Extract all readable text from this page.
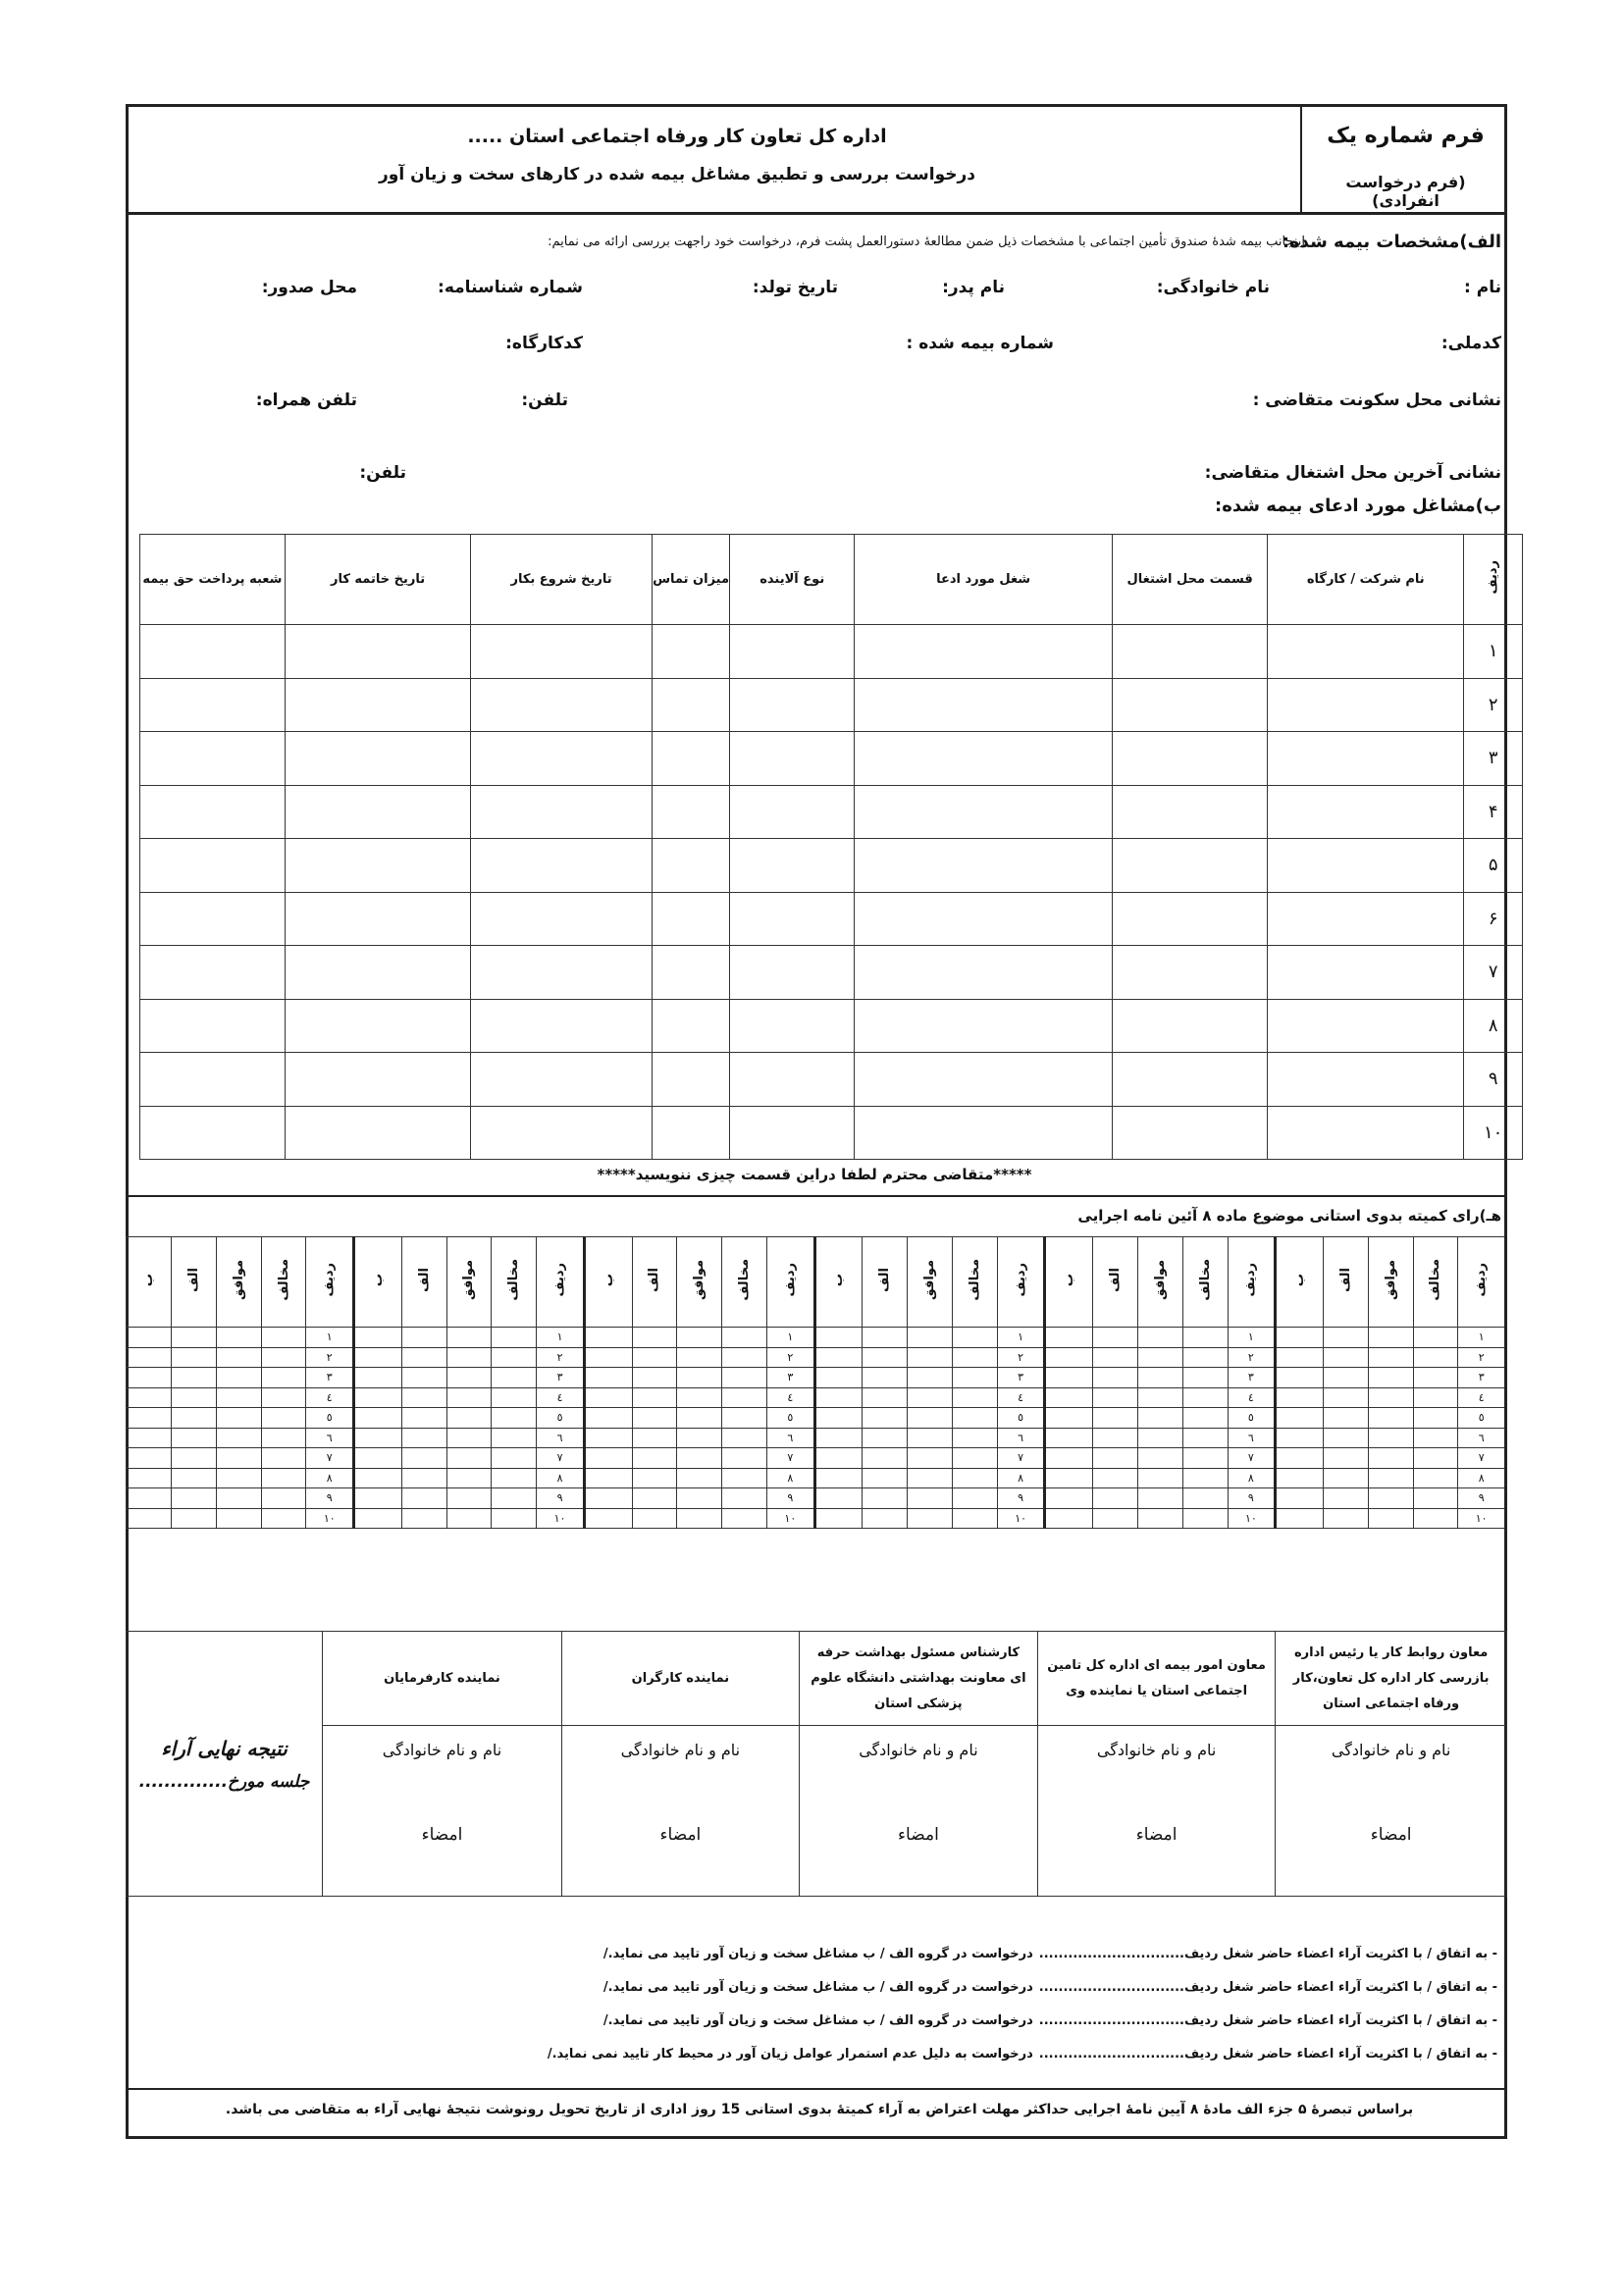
فرم شماره یک
(فرم درخواست انفرادی)
اداره کل تعاون کار ورفاه اجتماعی استان .....
درخواست بررسی و تطبیق مشاغل بیمه شده در کارهای سخت و زیان آور
الف)مشخصات بیمه شده:
اینجانب بیمه شدهٔ صندوق تأمین اجتماعی با مشخصات ذیل ضمن مطالعهٔ دستورالعمل پشت فرم، درخواست خود راجهت بررسی ارائه می نمایم:
نام :
نام خانوادگی:
نام پدر:
تاریخ تولد:
شماره شناسنامه:
محل صدور:
کدملی:
شماره بیمه شده :
کدکارگاه:
نشانی محل سکونت متقاضی :
تلفن:
تلفن همراه:
نشانی آخرین محل اشتغال متقاضی:
تلفن:
ب)مشاغل مورد ادعای بیمه شده:
ردیف	نام شرکت / کارگاه	قسمت محل اشتغال	شغل مورد ادعا	نوع آلاینده	میزان تماس	تاریخ شروع بکار	تاریخ خاتمه کار	شعبه پرداخت حق بیمه
۱								
۲								
۳								
۴								
۵								
۶								
۷								
۸								
۹								
۱۰								
*****متقاضی محترم لطفا دراین قسمت چیزی ننویسید*****
هـ)رای کمیته بدوی استانی موضوع ماده ۸ آئین نامه اجرایی
ردیف	مخالف	موافق	الف	ب	ردیف	مخالف	موافق	الف	ب	ردیف	مخالف	موافق	الف	ب	ردیف	مخالف	موافق	الف	ب	ردیف	مخالف	موافق	الف	ب	ردیف	مخالف	موافق	الف	ب
۱					۱					۱					۱					۱					۱				
۲					۲					۲					۲					۲					۲				
۳					۳					۳					۳					۳					۳				
٤					٤					٤					٤					٤					٤				
٥					٥					٥					٥					٥					٥				
٦					٦					٦					٦					٦					٦				
٧					٧					٧					٧					٧					٧				
٨					٨					٨					٨					٨					٨				
٩					٩					٩					٩					٩					٩				
١٠					١٠					١٠					١٠					١٠					١٠				
معاون روابط کار یا رئیس اداره بازرسی کار اداره کل تعاون،کار ورفاه اجتماعی استان	معاون امور بیمه ای اداره کل تامین اجتماعی استان یا نماینده وی	کارشناس مسئول بهداشت حرفه ای معاونت بهداشتی دانشگاه علوم پزشکی استان	نماینده کارگران	نماینده کارفرمایان	نتیجه نهایی آراء
جلسه مورخ..............

نام و نام خانوادگی	نام و نام خانوادگی	نام و نام خانوادگی	نام و نام خانوادگی	نام و نام خانوادگی	
امضاء	امضاء	امضاء	امضاء	امضاء	
- به اتفاق / با اکثریت آراء اعضاء حاضر شغل ردیف..............................درخواست در گروه الف / ب مشاغل سخت و زیان آور تایید می نماید./
- به اتفاق / با اکثریت آراء اعضاء حاضر شغل ردیف..............................درخواست در گروه الف / ب مشاغل سخت و زیان آور تایید می نماید./
- به اتفاق / با اکثریت آراء اعضاء حاضر شغل ردیف..............................درخواست در گروه الف / ب مشاغل سخت و زیان آور تایید می نماید./
- به اتفاق / با اکثریت آراء اعضاء حاضر شغل ردیف..............................درخواست به دلیل عدم استمرار عوامل زیان آور در محیط کار تایید نمی نماید./
براساس تبصرهٔ ۵ جزء الف مادهٔ ۸ آیین نامهٔ اجرایی حداکثر مهلت اعتراض به آراء کمیتهٔ بدوی استانی 15 روز اداری از تاریخ تحویل رونوشت نتیجهٔ نهایی آراء به متقاضی می باشد.
